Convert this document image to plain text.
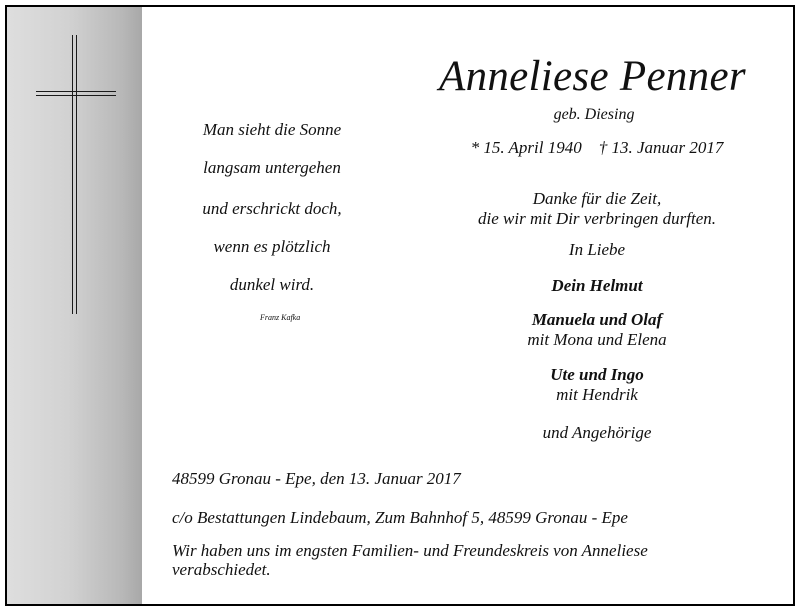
Man sieht die Sonne
langsam untergehen
und erschrickt doch,
wenn es plötzlich
dunkel wird.
Franz Kafka
Anneliese Penner
geb. Diesing
* 15. April 1940    † 13. Januar 2017
Danke für die Zeit,
die wir mit Dir verbringen durften.
In Liebe
Dein Helmut
Manuela und Olaf
mit Mona und Elena
Ute und Ingo
mit Hendrik
und Angehörige
48599 Gronau - Epe, den 13. Januar 2017
c/o Bestattungen Lindebaum, Zum Bahnhof 5, 48599 Gronau - Epe
Wir haben uns im engsten Familien- und Freundeskreis von Anneliese
verabschiedet.
